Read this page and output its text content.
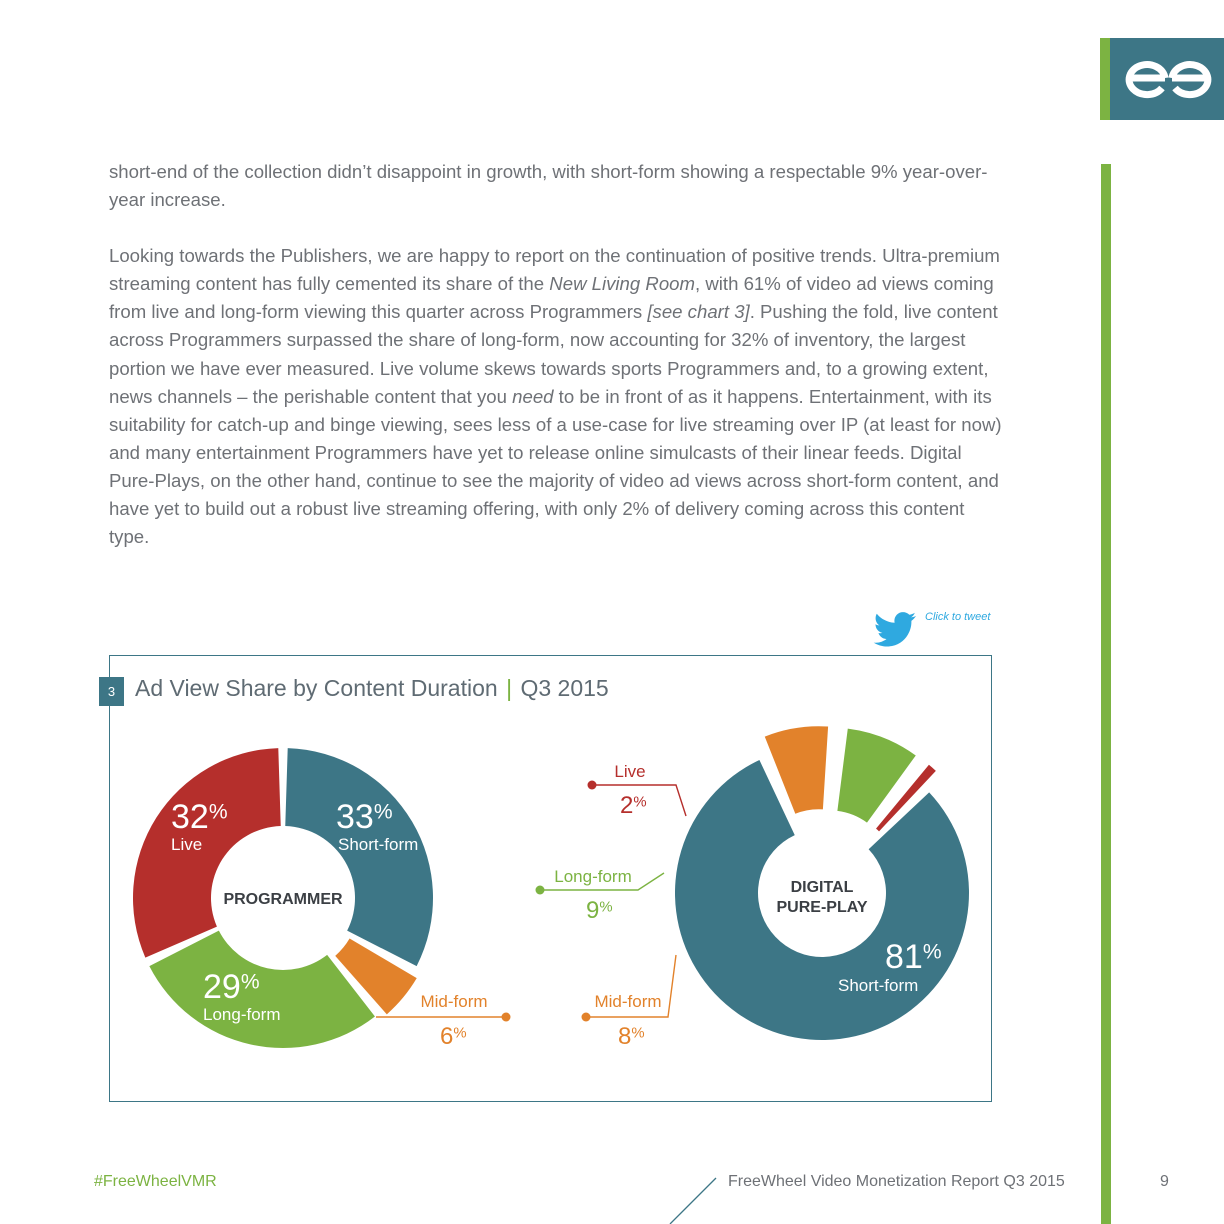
short-end of the collection didn’t disappoint in growth, with short-form showing a respectable 9% year-over-year increase.

Looking towards the Publishers, we are happy to report on the continuation of positive trends. Ultra-premium streaming content has fully cemented its share of the New Living Room, with 61% of video ad views coming from live and long-form viewing this quarter across Programmers [see chart 3]. Pushing the fold, live content across Programmers surpassed the share of long-form, now accounting for 32% of inventory, the largest portion we have ever measured. Live volume skews towards sports Programmers and, to a growing extent, news channels – the perishable content that you need to be in front of as it happens. Entertainment, with its suitability for catch-up and binge viewing, sees less of a use-case for live streaming over IP (at least for now) and many entertainment Programmers have yet to release online simulcasts of their linear feeds. Digital Pure-Plays, on the other hand, continue to see the majority of video ad views across short-form content, and have yet to build out a robust live streaming offering, with only 2% of delivery coming across this content type.

Click to tweet
3 Ad View Share by Content Duration | Q3 2015
PROGRAMMER
33%
Short-form
32%
Live
29%
Long-form
Mid-form
6%
DIGITAL
PURE-PLAY
81%
Short-form
Live
2%
Long-form
9%
Mid-form
8%
#FreeWheelVMR	FreeWheel Video Monetization Report Q3 2015	9
